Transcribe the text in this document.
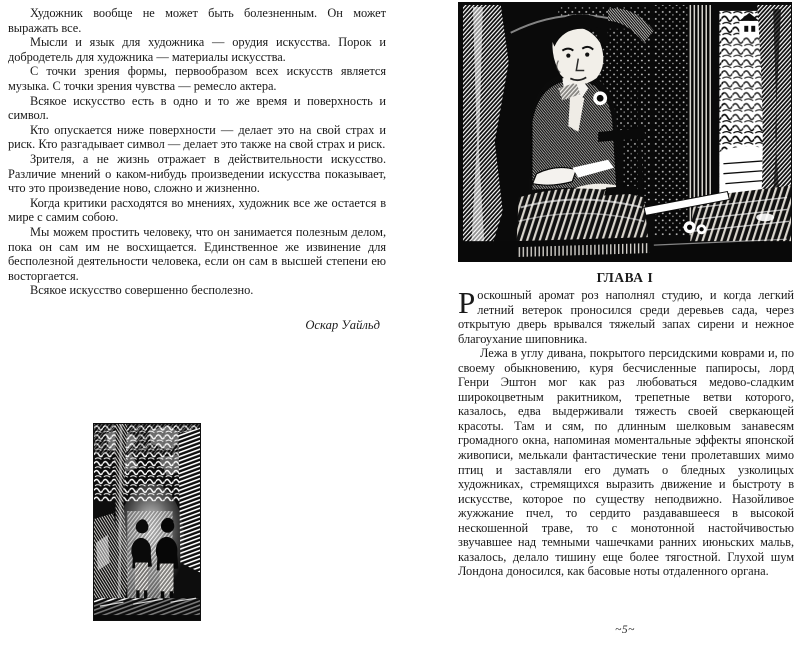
Художник вообще не может быть болезненным. Он может выражать все.

Мысли и язык для художника — орудия искусства. Порок и добродетель для художника — материалы искусства.

С точки зрения формы, первообразом всех искусств является музыка. С точки зрения чувства — ремесло актера.

Всякое искусство есть в одно и то же время и поверхность и символ.

Кто опускается ниже поверхности — делает это на свой страх и риск. Кто разгадывает символ — делает это также на свой страх и риск.

Зрителя, а не жизнь отражает в действительности искусство. Различие мнений о каком-нибудь произведении искусства показывает, что это произведение ново, сложно и жизненно.

Когда критики расходятся во мнениях, художник все же остается в мире с самим собою.

Мы можем простить человеку, что он занимается полезным делом, пока он сам им не восхищается. Единственное же извинение для бесполезной деятельности человека, если он сам в высшей степени ею восторгается.

Всякое искусство совершенно бесполезно.

Оскар Уайльд

ГЛАВА I

Роскошный аромат роз наполнял студию, и когда легкий летний ветерок проносился среди деревьев сада, через открытую дверь врывался тяжелый запах сирени и нежное благоухание шиповника.

Лежа в углу дивана, покрытого персидскими коврами и, по своему обыкновению, куря бесчисленные папиросы, лорд Генри Эштон мог как раз любоваться медово-сладким широкоцветным ракитником, трепетные ветви которого, казалось, едва выдерживали тяжесть своей сверкающей красоты. Там и сям, по длинным шелковым занавесям громадного окна, напоминая моментальные эффекты японской живописи, мелькали фантастические тени пролетавших мимо птиц и заставляли его думать о бледных узколицых художниках, стремящихся выразить движение и быстроту в искусстве, которое по существу неподвижно. Назойливое жужжание пчел, то сердито раздававшееся в высокой нескошенной траве, то с монотонной настойчивостью звучавшее над темными чашечками ранних июньских мальв, казалось, делало тишину еще более тягостной. Глухой шум Лондона доносился, как басовые ноты отдаленного органа.

~5~
